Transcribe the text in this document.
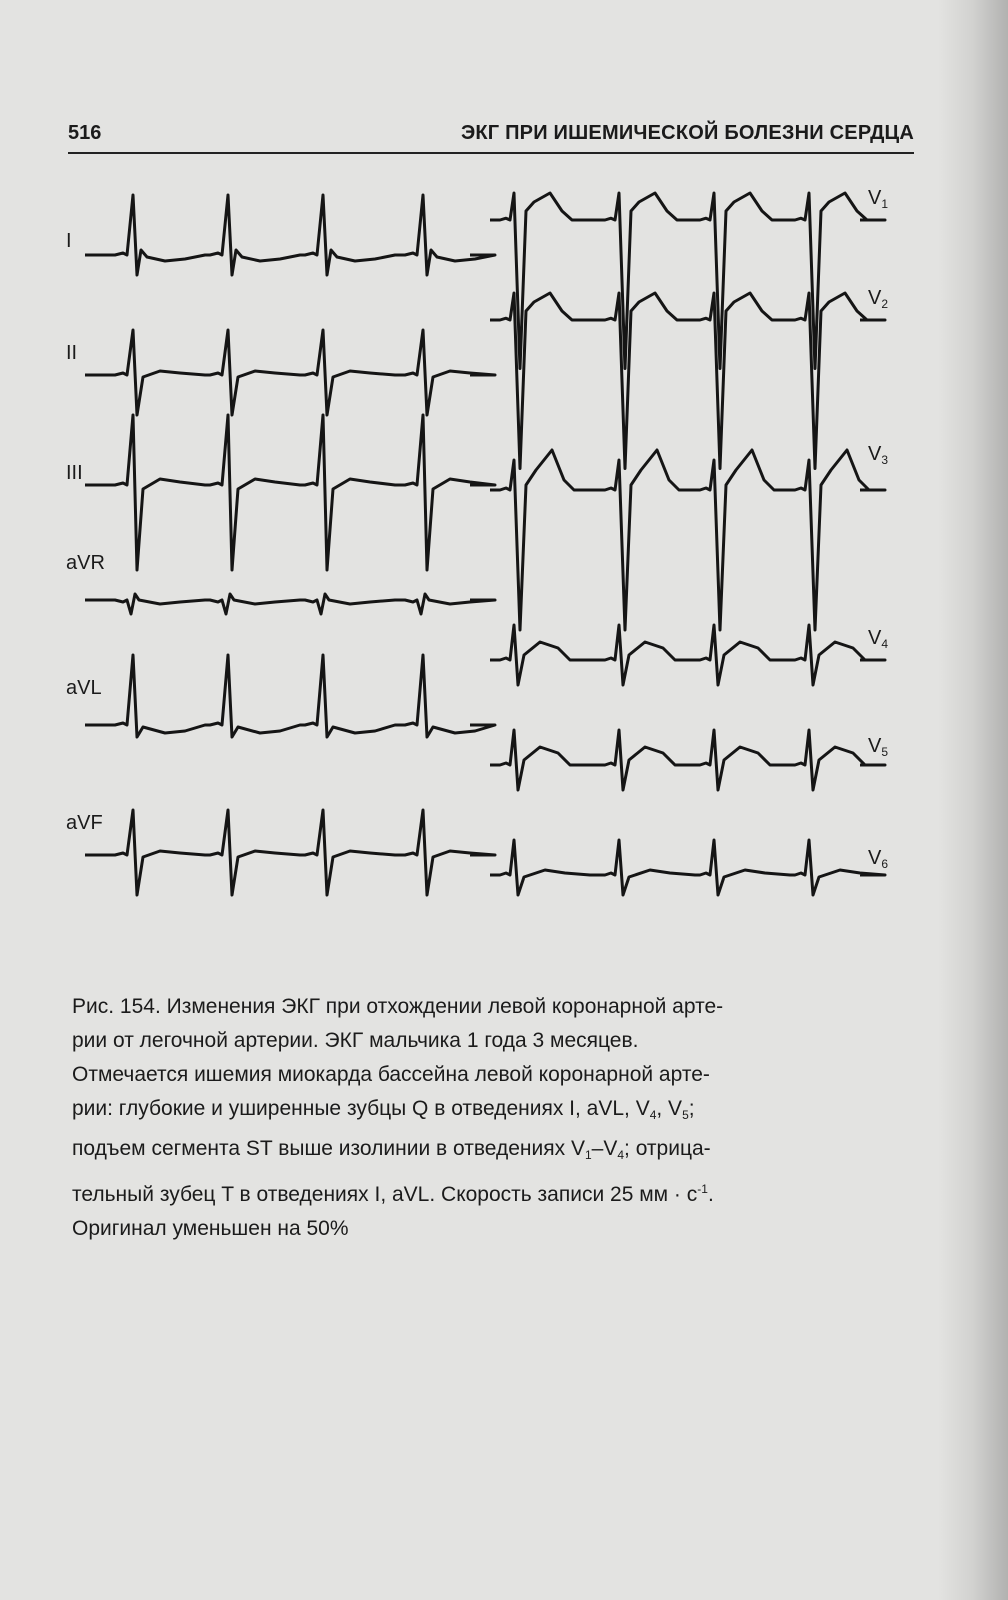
516	ЭКГ ПРИ ИШЕМИЧЕСКОЙ БОЛЕЗНИ СЕРДЦА
I
II
III
aVR
aVL
aVF
$V_1$
$V_2$
$V_3$
$V_4$
$V_5$
$V_6$

Рис. 154. Изменения ЭКГ при отхождении левой коронарной арте-

рии от легочной артерии. ЭКГ мальчика 1 года 3 месяцев.

Отмечается ишемия миокарда бассейна левой коронарной арте-

рии: глубокие и уширенные зубцы Q в отведениях I, aVL, $V_4$, $V_5$;

подъем сегмента ST выше изолинии в отведениях $V_1-V_4$; отрица-

тельный зубец T в отведениях I, aVL. Скорость записи 25 мм · $с^{-1}$.

Оригинал уменьшен на 50%
